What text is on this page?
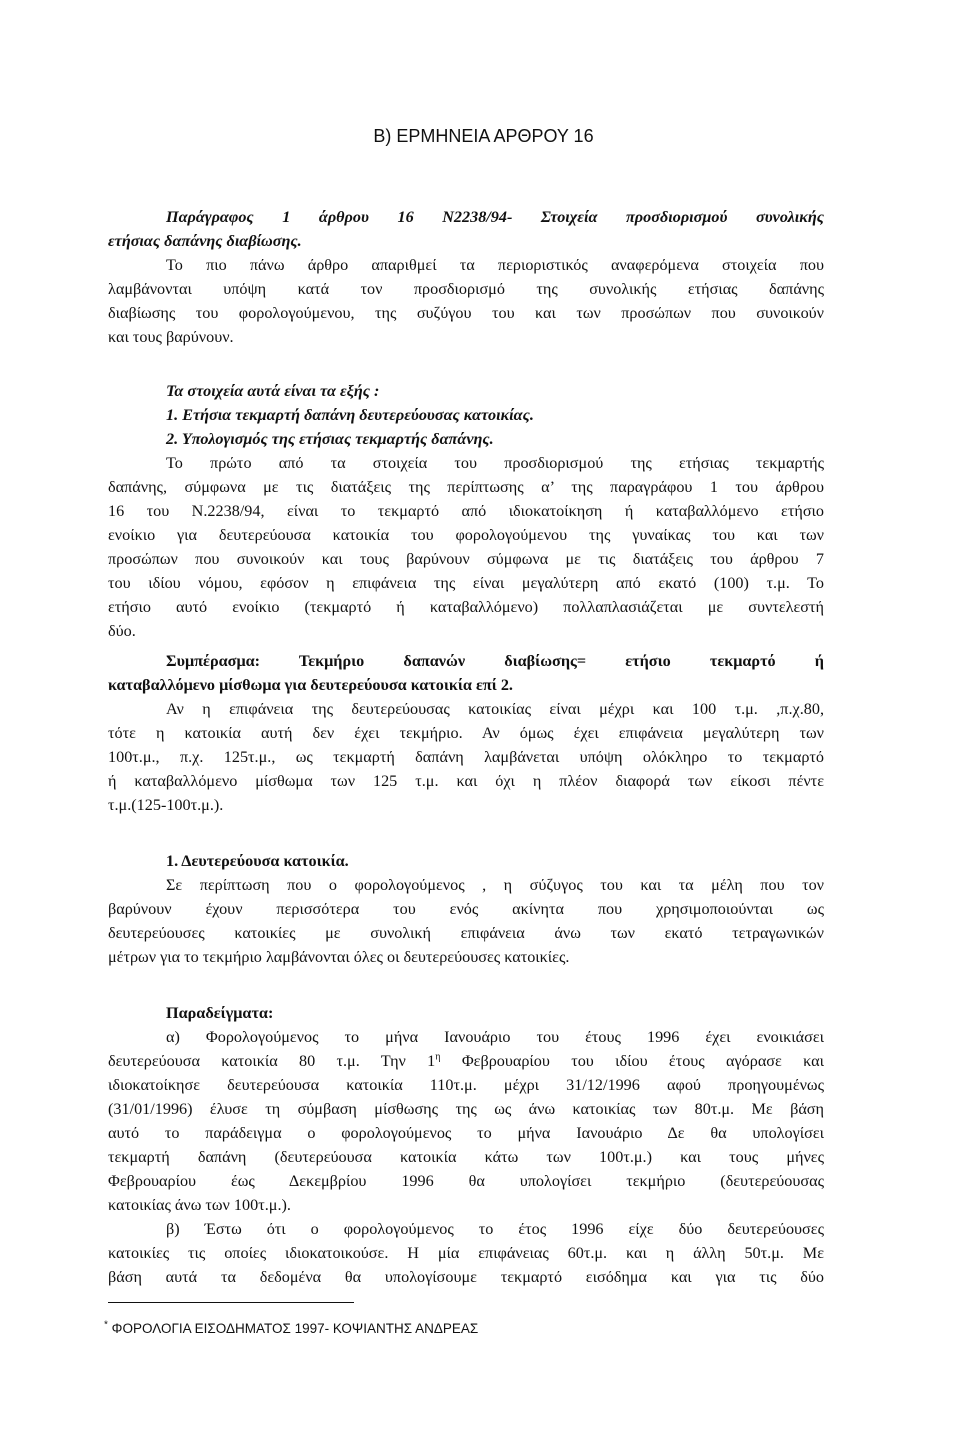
B) ΕΡΜΗΝΕΙΑ ΑΡΘΡΟΥ 16
Παράγραφος 1 άρθρου 16 Ν2238/94- Στοιχεία προσδιορισμού συνολικής
ετήσιας δαπάνης διαβίωσης.
Το πιο πάνω άρθρο απαριθμεί τα περιοριστικός αναφερόμενα στοιχεία που
λαμβάνονται υπόψη κατά τον προσδιορισμό της συνολικής ετήσιας δαπάνης
διαβίωσης του φορολογούμενου, της συζύγου του και των προσώπων που συνοικούν
και τους βαρύνουν.
Τα στοιχεία αυτά είναι τα εξής :
1. Ετήσια τεκμαρτή δαπάνη δευτερεύουσας κατοικίας.
2. Υπολογισμός της ετήσιας τεκμαρτής δαπάνης.
Το πρώτο από τα στοιχεία του προσδιορισμού της ετήσιας τεκμαρτής
δαπάνης, σύμφωνα με τις διατάξεις της περίπτωσης α’ της παραγράφου 1 του άρθρου
16 του Ν.2238/94, είναι το τεκμαρτό από ιδιοκατοίκηση ή καταβαλλόμενο ετήσιο
ενοίκιο για δευτερεύουσα κατοικία του φορολογούμενου της γυναίκας του και των
προσώπων που συνοικούν και τους βαρύνουν σύμφωνα με τις διατάξεις του άρθρου 7
του ιδίου νόμου, εφόσον η επιφάνεια της είναι μεγαλύτερη από εκατό (100) τ.μ. Το
ετήσιο αυτό ενοίκιο (τεκμαρτό ή καταβαλλόμενο) πολλαπλασιάζεται με συντελεστή
δύο.
Συμπέρασμα: Τεκμήριο δαπανών διαβίωσης= ετήσιο τεκμαρτό ή
καταβαλλόμενο μίσθωμα για δευτερεύουσα κατοικία επί 2.
Αν η επιφάνεια της δευτερεύουσας κατοικίας είναι μέχρι και 100 τ.μ. ,π.χ.80,
τότε η κατοικία αυτή δεν έχει τεκμήριο. Αν όμως έχει επιφάνεια μεγαλύτερη των
100τ.μ., π.χ. 125τ.μ., ως τεκμαρτή δαπάνη λαμβάνεται υπόψη ολόκληρο το τεκμαρτό
ή καταβαλλόμενο μίσθωμα των 125 τ.μ. και όχι η πλέον διαφορά των είκοσι πέντε
τ.μ.(125-100τ.μ.).
1. Δευτερεύουσα κατοικία.
Σε περίπτωση που ο φορολογούμενος , η σύζυγος του και τα μέλη που τον
βαρύνουν έχουν περισσότερα του ενός ακίνητα που χρησιμοποιούνται ως
δευτερεύουσες κατοικίες με συνολική επιφάνεια άνω των εκατό τετραγωνικών
μέτρων για το τεκμήριο λαμβάνονται όλες οι δευτερεύουσες κατοικίες.
Παραδείγματα:
α) Φορολογούμενος το μήνα Ιανουάριο του έτους 1996 έχει ενοικιάσει
δευτερεύουσα κατοικία 80 τ.μ. Την $1^\eta$ Φεβρουαρίου του ιδίου έτους αγόρασε και
ιδιοκατοίκησε δευτερεύουσα κατοικία 110τ.μ. μέχρι 31/12/1996 αφού προηγουμένως
(31/01/1996) έλυσε τη σύμβαση μίσθωσης της ως άνω κατοικίας των 80τ.μ. Με βάση
αυτό το παράδειγμα ο φορολογούμενος το μήνα Ιανουάριο Δε θα υπολογίσει
τεκμαρτή δαπάνη (δευτερεύουσα κατοικία κάτω των 100τ.μ.) και τους μήνες
Φεβρουαρίου έως Δεκεμβρίου 1996 θα υπολογίσει τεκμήριο (δευτερεύουσας
κατοικίας άνω των 100τ.μ.).
β) Έστω ότι ο φορολογούμενος το έτος 1996 είχε δύο δευτερεύουσες
κατοικίες τις οποίες ιδιοκατοικούσε. Η μία επιφάνειας 60τ.μ. και η άλλη 50τ.μ. Με
βάση αυτά τα δεδομένα θα υπολογίσουμε τεκμαρτό εισόδημα και για τις δύο
* ΦΟΡΟΛΟΓΙΑ ΕΙΣΟΔΗΜΑΤΟΣ 1997- ΚΟΨΙΑΝΤΗΣ ΑΝΔΡΕΑΣ
